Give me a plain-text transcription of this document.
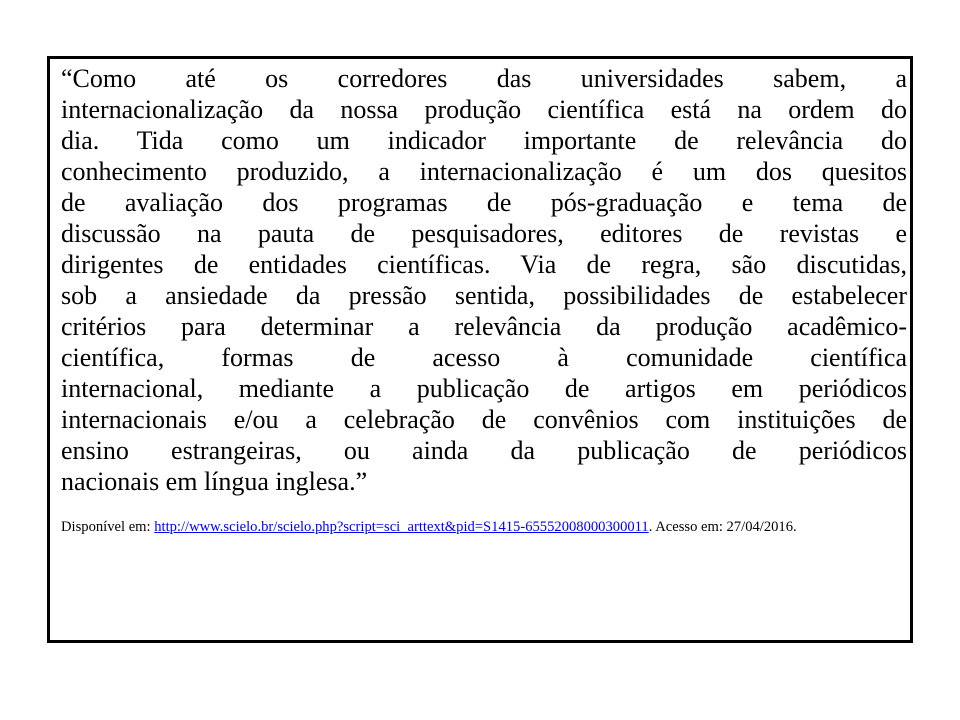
“Como até os corredores das universidades sabem, a
internacionalização da nossa produção científica está na ordem do
dia. Tida como um indicador importante de relevância do
conhecimento produzido, a internacionalização é um dos quesitos
de avaliação dos programas de pós-graduação e tema de
discussão na pauta de pesquisadores, editores de revistas e
dirigentes de entidades científicas. Via de regra, são discutidas,
sob a ansiedade da pressão sentida, possibilidades de estabelecer
critérios para determinar a relevância da produção acadêmico-
científica, formas de acesso à comunidade científica
internacional, mediante a publicação de artigos em periódicos
internacionais e/ou a celebração de convênios com instituições de
ensino estrangeiras, ou ainda da publicação de periódicos
nacionais em língua inglesa.”

Disponível em: http://www.scielo.br/scielo.php?script=sci_arttext&pid=S1415-65552008000300011. Acesso em: 27/04/2016.
